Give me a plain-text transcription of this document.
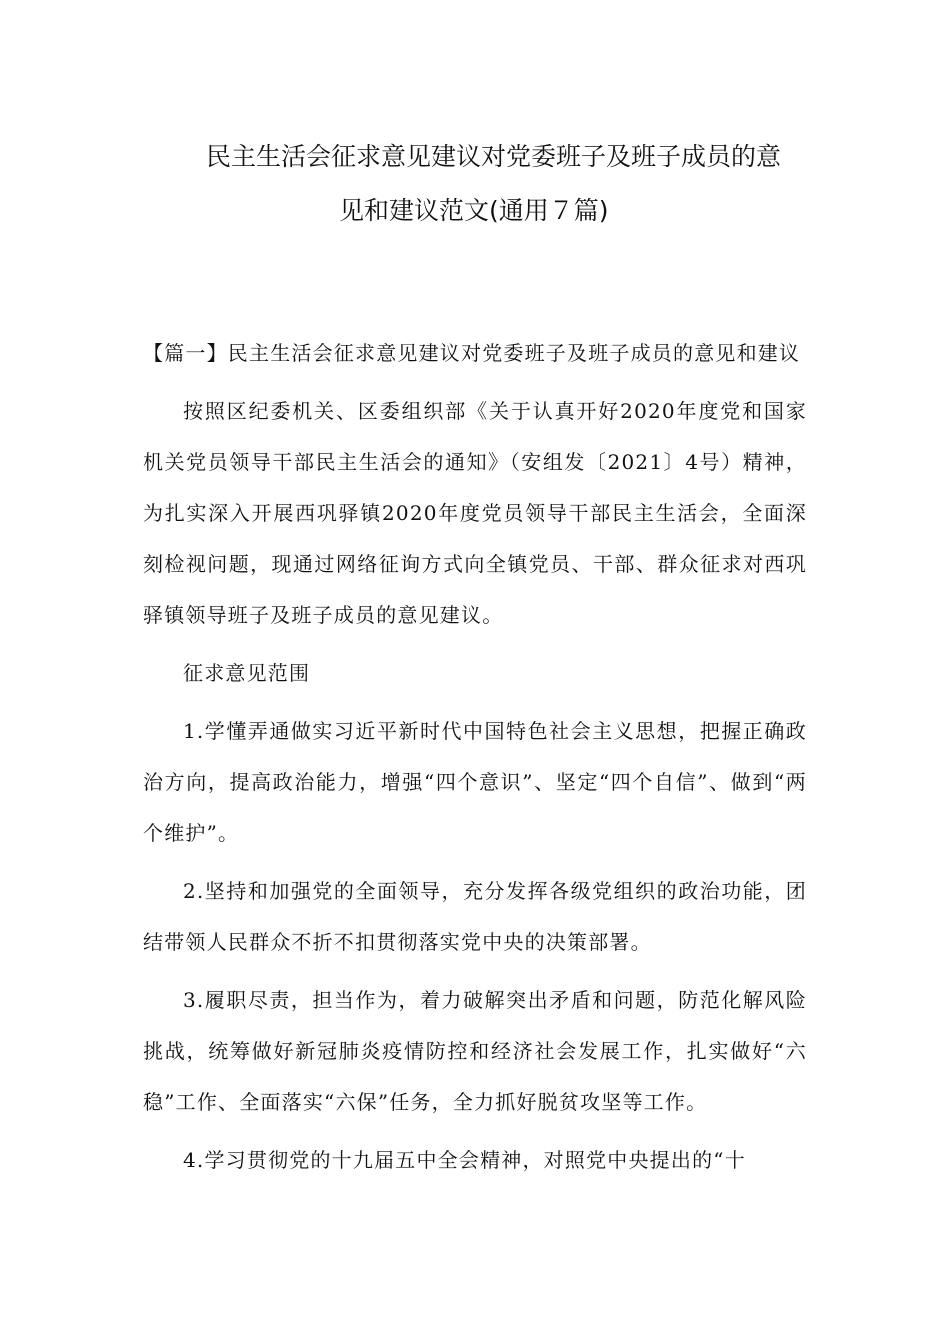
民主生活会征求意见建议对党委班子及班子成员的意
见和建议范文(通用７篇)

【篇一】民主生活会征求意见建议对党委班子及班子成员的意见和建议

按照区纪委机关、区委组织部《关于认真开好2020年度党和国家机关党员领导干部民主生活会的通知》（安组发〔2021〕4号）精神，为扎实深入开展西巩驿镇2020年度党员领导干部民主生活会，全面深刻检视问题，现通过网络征询方式向全镇党员、干部、群众征求对西巩驿镇领导班子及班子成员的意见建议。

征求意见范围

1.学懂弄通做实习近平新时代中国特色社会主义思想，把握正确政治方向，提高政治能力，增强“四个意识”、坚定“四个自信”、做到“两个维护”。

2.坚持和加强党的全面领导，充分发挥各级党组织的政治功能，团结带领人民群众不折不扣贯彻落实党中央的决策部署。

3.履职尽责，担当作为，着力破解突出矛盾和问题，防范化解风险挑战，统筹做好新冠肺炎疫情防控和经济社会发展工作，扎实做好“六稳”工作、全面落实“六保”任务，全力抓好脱贫攻坚等工作。

4.学习贯彻党的十九届五中全会精神，对照党中央提出的“十
